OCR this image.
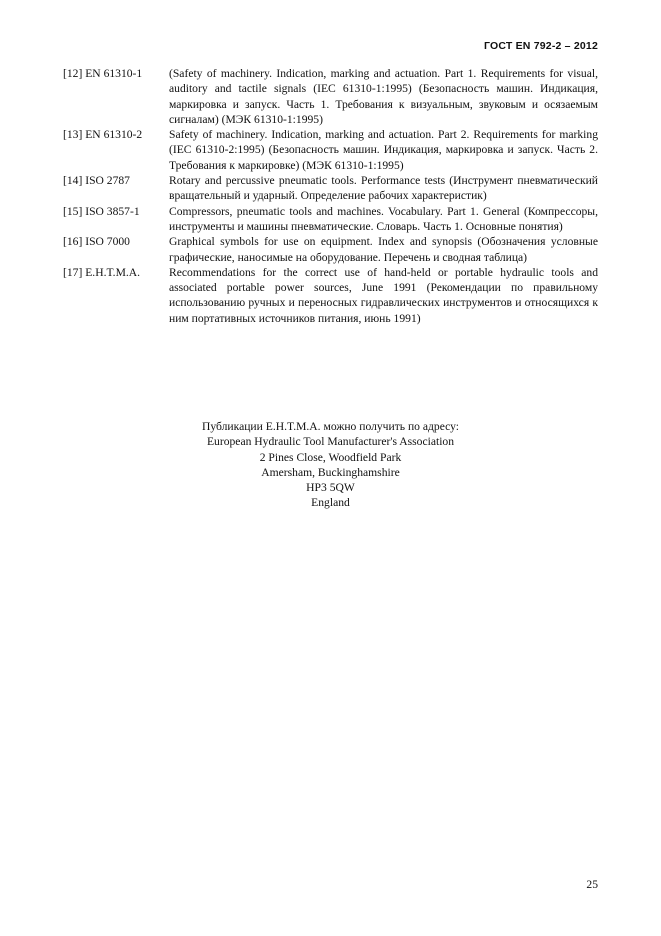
ГОСТ EN 792-2 – 2012
[12] EN 61310-1	(Safety of machinery. Indication, marking and actuation. Part 1. Requirements for visual, auditory and tactile signals (IEC 61310-1:1995) (Безопасность машин. Индикация, маркировка и запуск. Часть 1. Требования к визуальным, звуковым и осязаемым сигналам) (МЭК 61310-1:1995)
[13] EN 61310-2	Safety of machinery. Indication, marking and actuation. Part 2. Requirements for marking (IEC 61310-2:1995) (Безопасность машин. Индикация, маркировка и запуск. Часть 2. Требования к маркировке) (МЭК 61310-1:1995)
[14] ISO 2787	Rotary and percussive pneumatic tools. Performance tests (Инструмент пневматический вращательный и ударный. Определение рабочих характеристик)
[15] ISO 3857-1	Compressors, pneumatic tools and machines. Vocabulary. Part 1. General (Компрессоры, инструменты и машины пневматические. Словарь. Часть 1. Основные понятия)
[16] ISO 7000	Graphical symbols for use on equipment. Index and synopsis (Обозначения условные графические, наносимые на оборудование. Перечень и сводная таблица)
[17] E.H.T.M.A.	Recommendations for the correct use of hand-held or portable hydraulic tools and associated portable power sources, June 1991 (Рекомендации по правильному использованию ручных и переносных гидравлических инструментов и относящихся к ним портативных источников питания, июнь 1991)
Публикации E.H.T.M.A. можно получить по адресу:
European Hydraulic Tool Manufacturer's Association
2 Pines Close, Woodfield Park
Amersham, Buckinghamshire
HP3 5QW
England
25
